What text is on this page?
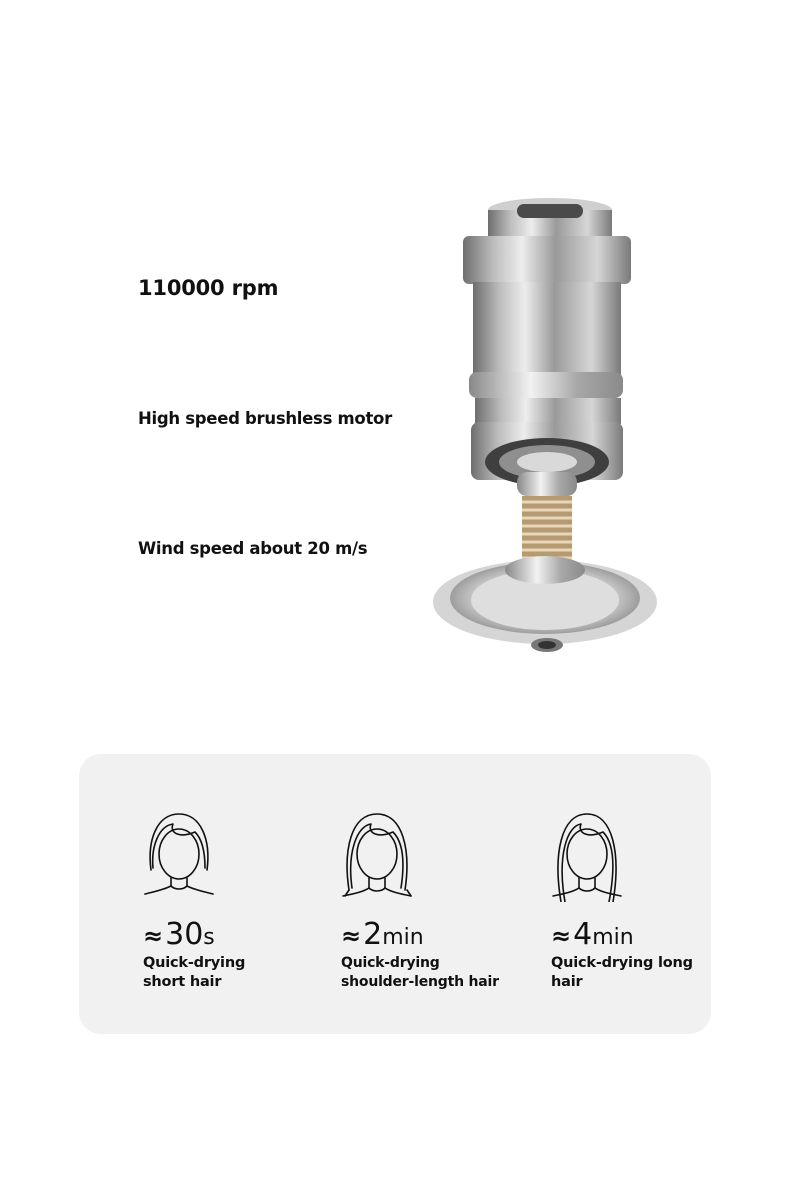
110000 rpm

High speed brushless motor

Wind speed about 20 m/s

≈30s

Quick-drying short hair

≈2min

Quick-drying shoulder-length hair

≈4min

Quick-drying long hair
